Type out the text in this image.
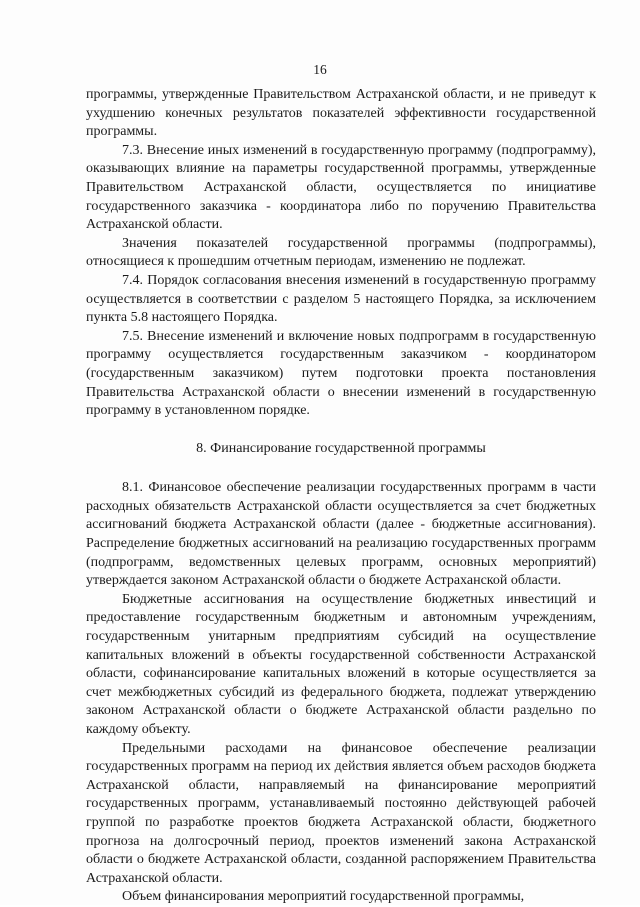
16

программы, утвержденные Правительством Астраханской области, и не приведут к ухудшению конечных результатов показателей эффективности государственной программы.

7.3. Внесение иных изменений в государственную программу (подпрограмму), оказывающих влияние на параметры государственной программы, утвержденные Правительством Астраханской области, осуществляется по инициативе государственного заказчика - координатора либо по поручению Правительства Астраханской области.

Значения показателей государственной программы (подпрограммы), относящиеся к прошедшим отчетным периодам, изменению не подлежат.

7.4. Порядок согласования внесения изменений в государственную программу осуществляется в соответствии с разделом 5 настоящего Порядка, за исключением пункта 5.8 настоящего Порядка.

7.5. Внесение изменений и включение новых подпрограмм в государственную программу осуществляется государственным заказчиком - координатором (государственным заказчиком) путем подготовки проекта постановления Правительства Астраханской области о внесении изменений в государственную программу в установленном порядке.

8. Финансирование государственной программы

8.1. Финансовое обеспечение реализации государственных программ в части расходных обязательств Астраханской области осуществляется за счет бюджетных ассигнований бюджета Астраханской области (далее - бюджетные ассигнования). Распределение бюджетных ассигнований на реализацию государственных программ (подпрограмм, ведомственных целевых программ, основных мероприятий) утверждается законом Астраханской области о бюджете Астраханской области.

Бюджетные ассигнования на осуществление бюджетных инвестиций и предоставление государственным бюджетным и автономным учреждениям, государственным унитарным предприятиям субсидий на осуществление капитальных вложений в объекты государственной собственности Астраханской области, софинансирование капитальных вложений в которые осуществляется за счет межбюджетных субсидий из федерального бюджета, подлежат утверждению законом Астраханской области о бюджете Астраханской области раздельно по каждому объекту.

Предельными расходами на финансовое обеспечение реализации государственных программ на период их действия является объем расходов бюджета Астраханской области, направляемый на финансирование мероприятий государственных программ, устанавливаемый постоянно действующей рабочей группой по разработке проектов бюджета Астраханской области, бюджетного прогноза на долгосрочный период, проектов изменений закона Астраханской области о бюджете Астраханской области, созданной распоряжением Правительства Астраханской области.

Объем финансирования мероприятий государственной программы,
